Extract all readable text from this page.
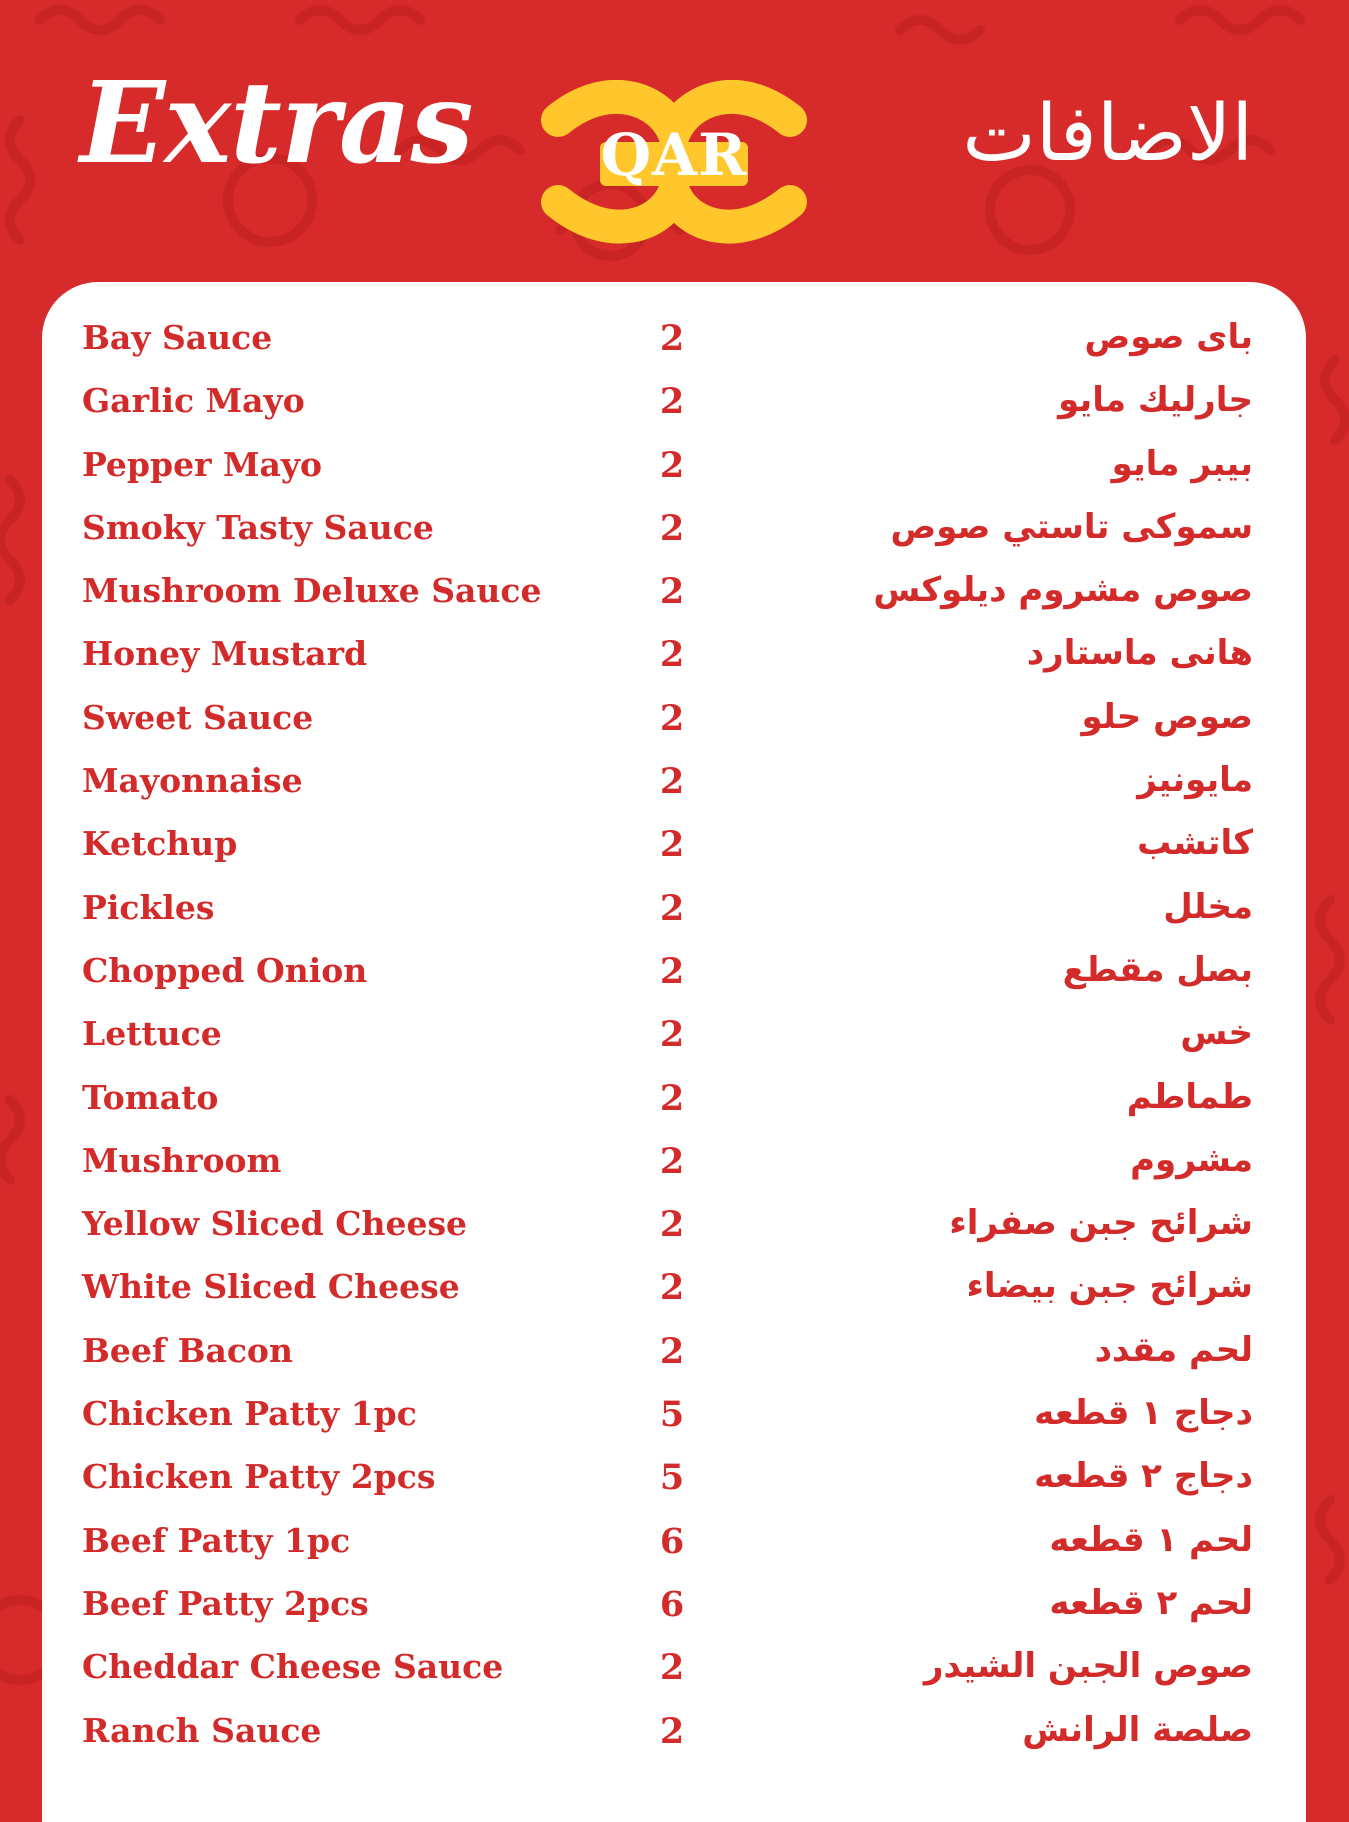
Extras	QAR	الاضافات
Bay Sauce	2	باى صوص
Garlic Mayo	2	جارليك مايو
Pepper Mayo	2	بيبر مايو
Smoky Tasty Sauce	2	سموكى تاستي صوص
Mushroom Deluxe Sauce	2	صوص مشروم ديلوكس
Honey Mustard	2	هانى ماستارد
Sweet Sauce	2	صوص حلو
Mayonnaise	2	مايونيز
Ketchup	2	كاتشب
Pickles	2	مخلل
Chopped Onion	2	بصل مقطع
Lettuce	2	خس
Tomato	2	طماطم
Mushroom	2	مشروم
Yellow Sliced Cheese	2	شرائح جبن صفراء
White Sliced Cheese	2	شرائح جبن بيضاء
Beef Bacon	2	لحم مقدد
Chicken Patty 1pc	5	دجاج ١ قطعه
Chicken Patty 2pcs	5	دجاج ٢ قطعه
Beef Patty 1pc	6	لحم ١ قطعه
Beef Patty 2pcs	6	لحم ٢ قطعه
Cheddar Cheese Sauce	2	صوص الجبن الشيدر
Ranch Sauce	2	صلصة الرانش
